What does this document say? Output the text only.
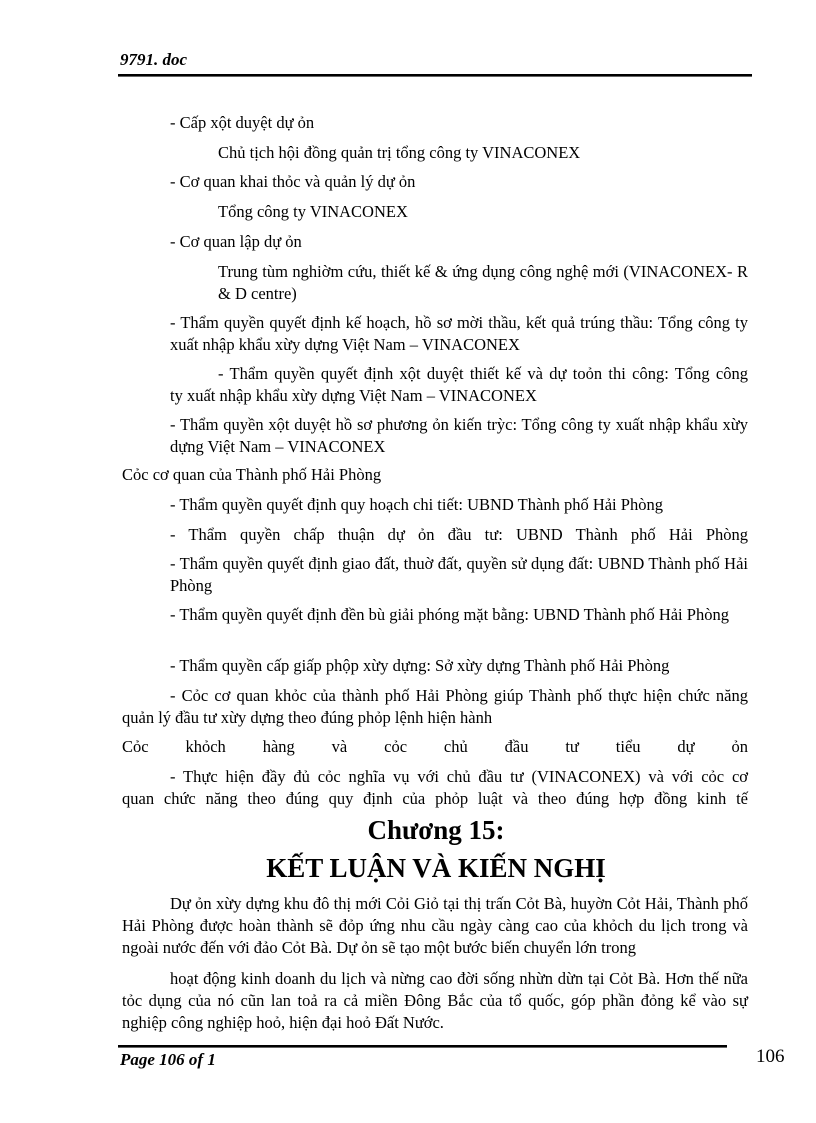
9791. doc
- Cấp xột duyệt dự ỏn
Chủ tịch hội đồng quản trị tổng công ty VINACONEX
- Cơ quan khai thỏc và quản lý dự ỏn
Tổng công ty VINACONEX
- Cơ quan lập dự ỏn
Trung tùm nghiờm cứu, thiết kế & ứng dụng công nghệ mới (VINACONEX- R & D centre)
- Thẩm quyền quyết định kế hoạch, hồ sơ mời thầu, kết quả trúng thầu: Tổng công ty xuất nhập khẩu xừy dựng Việt Nam – VINACONEX
- Thẩm quyền quyết định xột duyệt thiết kế và dự toỏn thi công: Tổng công
ty xuất nhập khẩu xừy dựng Việt Nam – VINACONEX
- Thẩm quyền xột duyệt hồ sơ phương ỏn kiến trỳc: Tổng công ty xuất nhập khẩu xừy dựng Việt Nam – VINACONEX
Cỏc cơ quan của Thành phố Hải Phòng
- Thẩm quyền quyết định quy hoạch chi tiết: UBND Thành phố Hải Phòng
- Thẩm quyền chấp thuận dự ỏn đầu tư: UBND Thành phố Hải Phòng
- Thẩm quyền quyết định giao đất, thuờ đất, quyền sử dụng đất: UBND Thành phố Hải Phòng
- Thẩm quyền quyết định đền bù giải phóng mặt bằng: UBND Thành phố Hải Phòng
- Thẩm quyền cấp giấp phộp xừy dựng: Sở xừy dựng Thành phố Hải Phòng
- Cỏc cơ quan khỏc của thành phố Hải Phòng giúp Thành phố thực hiện chức năng
quản lý đầu tư xừy dựng theo đúng phỏp lệnh hiện hành
Cỏc khỏch hàng và cỏc chủ đầu tư tiểu dự ỏn
- Thực hiện đầy đủ cỏc nghĩa vụ với chủ đầu tư (VINACONEX) và với cỏc cơ
quan chức năng theo đúng quy định của phỏp luật và theo đúng hợp đồng kinh tế
Chương 15:
KẾT LUẬN VÀ KIẾN NGHỊ
Dự ỏn xừy dựng khu đô thị mới Cỏi Giỏ tại thị trấn Cỏt Bà, huyờn Cỏt Hải, Thành phố Hải Phòng được hoàn thành sẽ đỏp ứng nhu cầu ngày càng cao của khỏch du lịch trong và ngoài nước đến với đảo Cỏt Bà. Dự ỏn sẽ tạo một bước biến chuyển lớn trong
hoạt động kinh doanh du lịch và nừng cao đời sống nhừn dừn tại Cỏt Bà. Hơn thế nữa tỏc dụng của nó cũn lan toả ra cả miền Đông Bắc của tổ quốc, góp phần đỏng kể vào sự nghiệp công nghiệp hoỏ, hiện đại hoỏ Đất Nước.
Page 106 of 1	106
